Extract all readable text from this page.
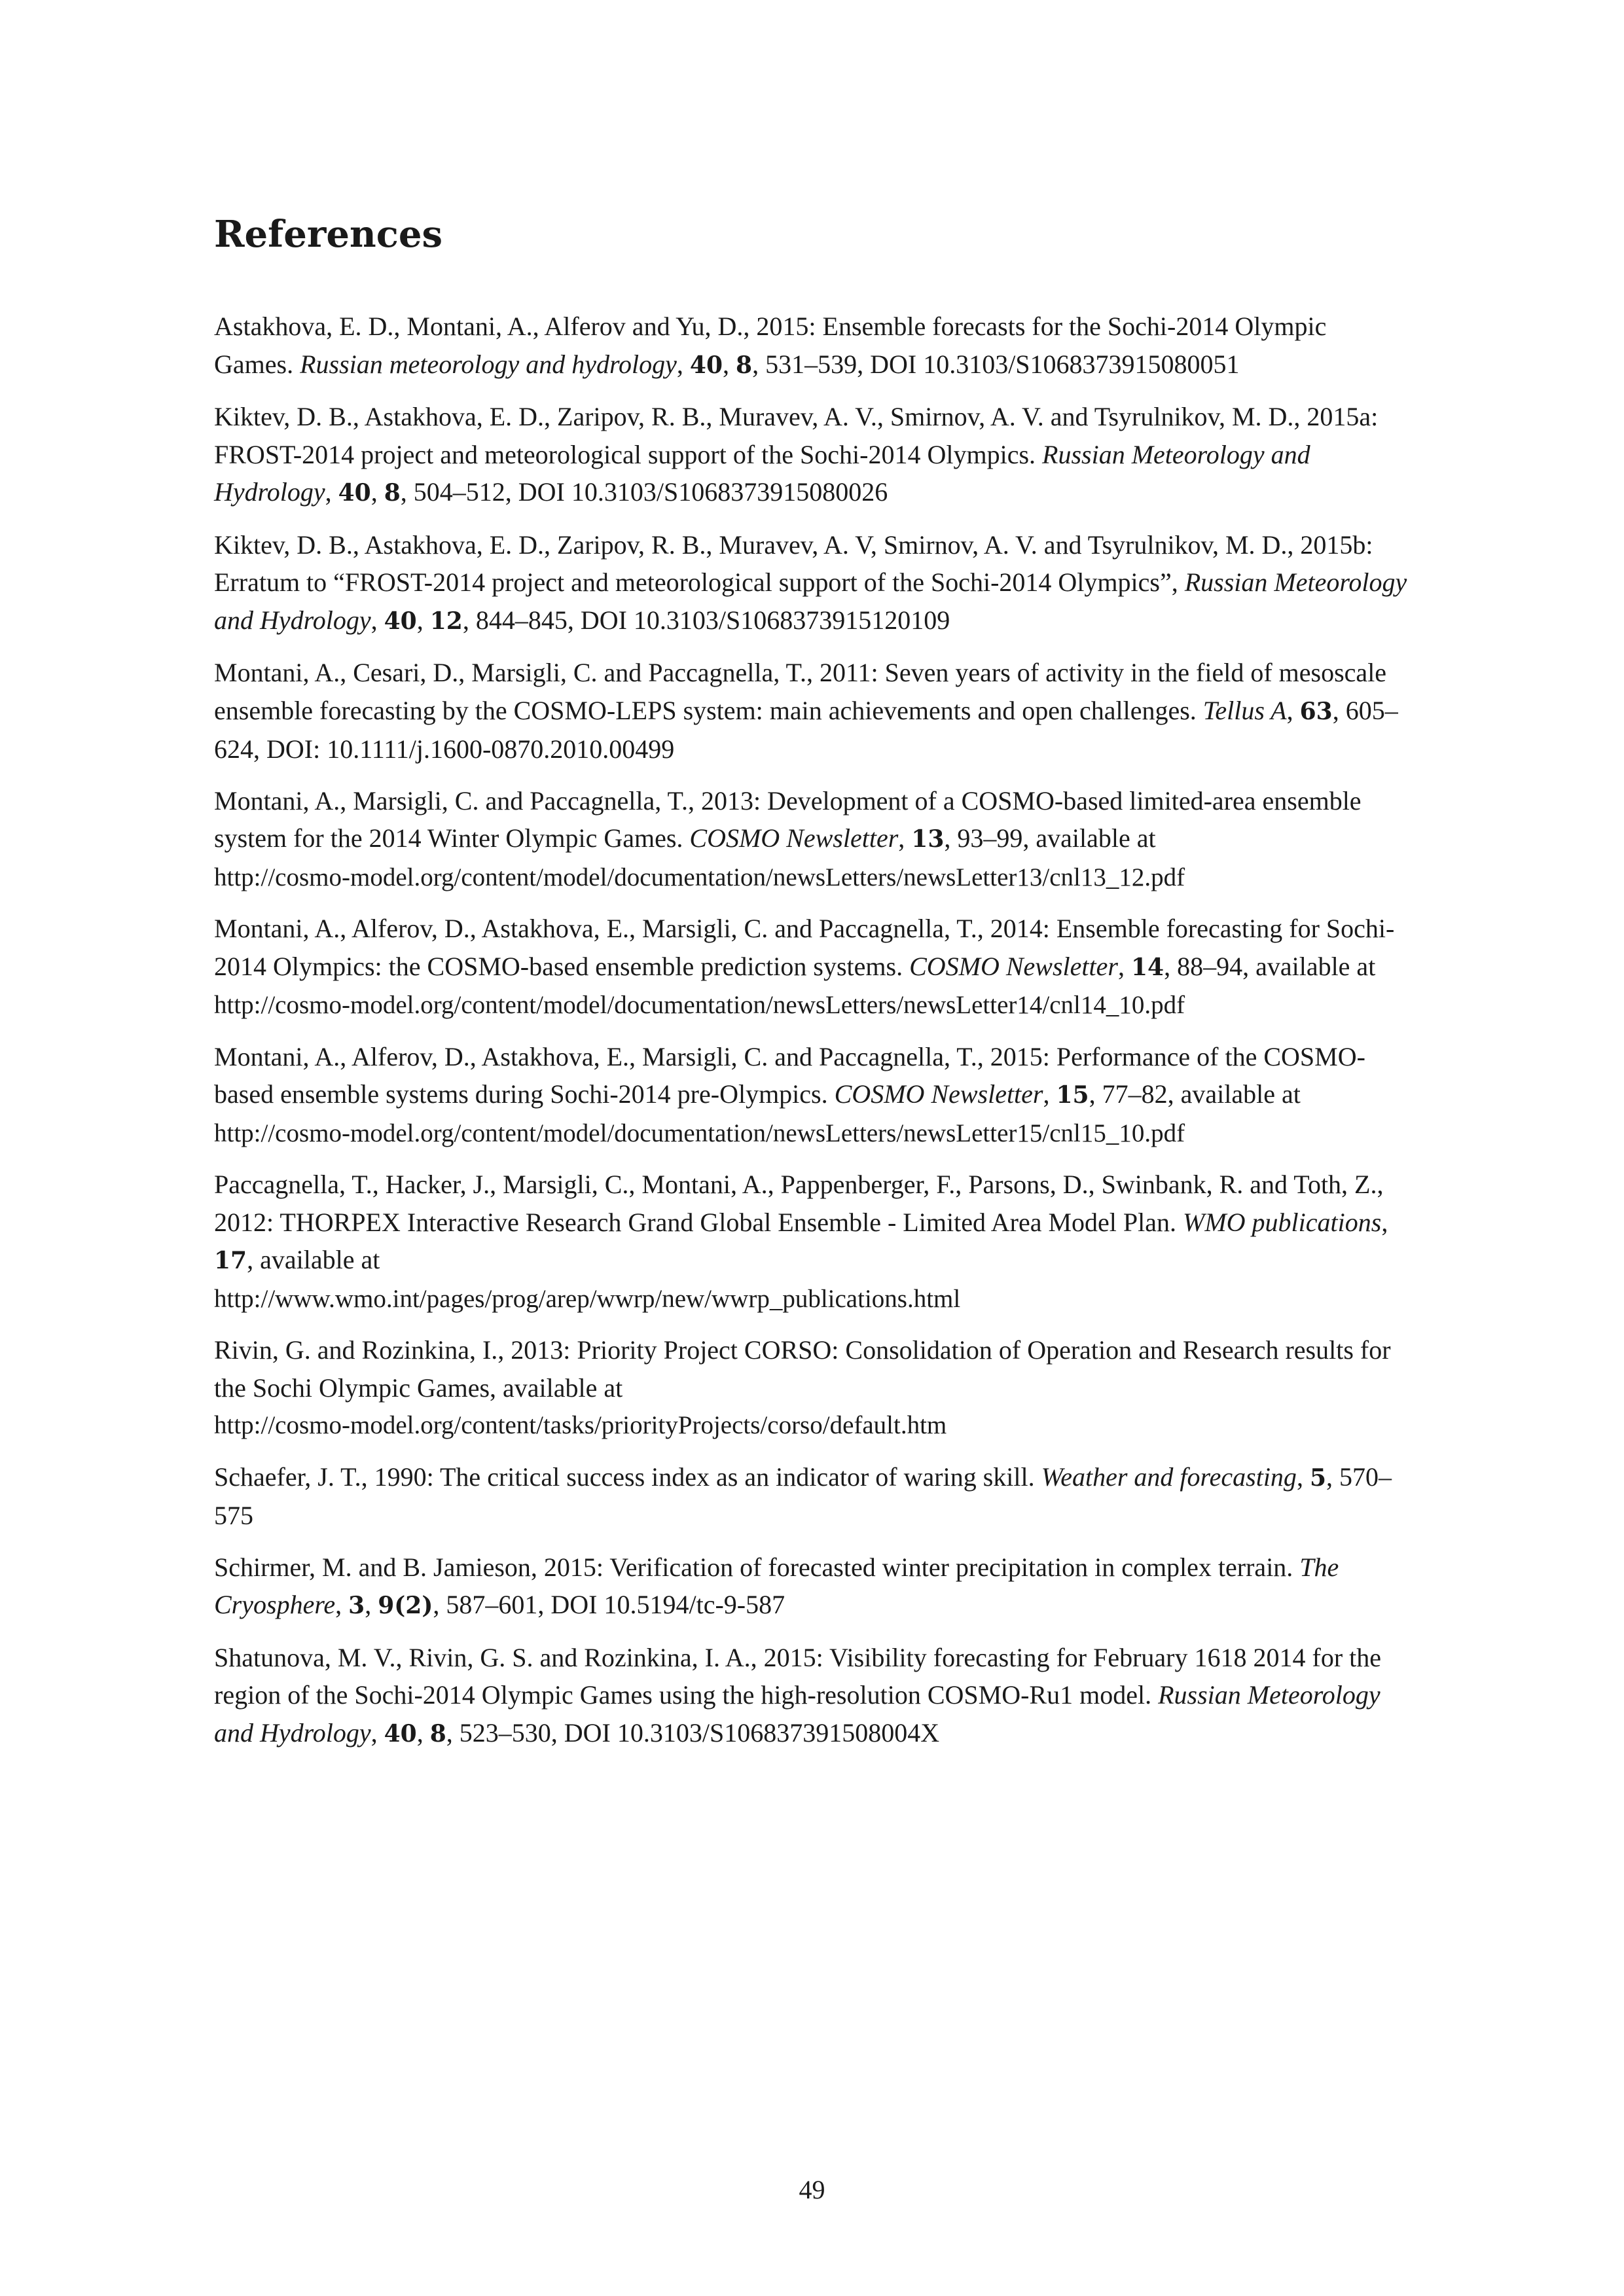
References

Astakhova, E. D., Montani, A., Alferov and Yu, D., 2015: Ensemble forecasts for the Sochi-2014 Olympic Games. Russian meteorology and hydrology, 40, 8, 531–539, DOI 10.3103/S1068373915080051

Kiktev, D. B., Astakhova, E. D., Zaripov, R. B., Muravev, A. V., Smirnov, A. V. and Tsyrulnikov, M. D., 2015a: FROST-2014 project and meteorological support of the Sochi-2014 Olympics. Russian Meteorology and Hydrology, 40, 8, 504–512, DOI 10.3103/S1068373915080026

Kiktev, D. B., Astakhova, E. D., Zaripov, R. B., Muravev, A. V, Smirnov, A. V. and Tsyrulnikov, M. D., 2015b: Erratum to “FROST-2014 project and meteorological support of the Sochi-2014 Olympics”, Russian Meteorology and Hydrology, 40, 12, 844–845, DOI 10.3103/S1068373915120109

Montani, A., Cesari, D., Marsigli, C. and Paccagnella, T., 2011: Seven years of activity in the field of mesoscale ensemble forecasting by the COSMO-LEPS system: main achievements and open challenges. Tellus A, 63, 605–624, DOI: 10.1111/j.1600-0870.2010.00499

Montani, A., Marsigli, C. and Paccagnella, T., 2013: Development of a COSMO-based limited-area ensemble system for the 2014 Winter Olympic Games. COSMO Newsletter, 13, 93–99, available at
http://cosmo-model.org/content/model/documentation/newsLetters/newsLetter13/cnl13_12.pdf

Montani, A., Alferov, D., Astakhova, E., Marsigli, C. and Paccagnella, T., 2014: Ensemble forecasting for Sochi-2014 Olympics: the COSMO-based ensemble prediction systems. COSMO Newsletter, 14, 88–94, available at
http://cosmo-model.org/content/model/documentation/newsLetters/newsLetter14/cnl14_10.pdf

Montani, A., Alferov, D., Astakhova, E., Marsigli, C. and Paccagnella, T., 2015: Performance of the COSMO-based ensemble systems during Sochi-2014 pre-Olympics. COSMO Newsletter, 15, 77–82, available at
http://cosmo-model.org/content/model/documentation/newsLetters/newsLetter15/cnl15_10.pdf

Paccagnella, T., Hacker, J., Marsigli, C., Montani, A., Pappenberger, F., Parsons, D., Swinbank, R. and Toth, Z., 2012: THORPEX Interactive Research Grand Global Ensemble - Limited Area Model Plan. WMO publications, 17, available at
http://www.wmo.int/pages/prog/arep/wwrp/new/wwrp_publications.html

Rivin, G. and Rozinkina, I., 2013: Priority Project CORSO: Consolidation of Operation and Research results for the Sochi Olympic Games, available at
http://cosmo-model.org/content/tasks/priorityProjects/corso/default.htm

Schaefer, J. T., 1990: The critical success index as an indicator of waring skill. Weather and forecasting, 5, 570–575

Schirmer, M. and B. Jamieson, 2015: Verification of forecasted winter precipitation in complex terrain. The Cryosphere, 3, 9(2), 587–601, DOI 10.5194/tc-9-587

Shatunova, M. V., Rivin, G. S. and Rozinkina, I. A., 2015: Visibility forecasting for February 1618 2014 for the region of the Sochi-2014 Olympic Games using the high-resolution COSMO-Ru1 model. Russian Meteorology and Hydrology, 40, 8, 523–530, DOI 10.3103/S106837391508004X

49
